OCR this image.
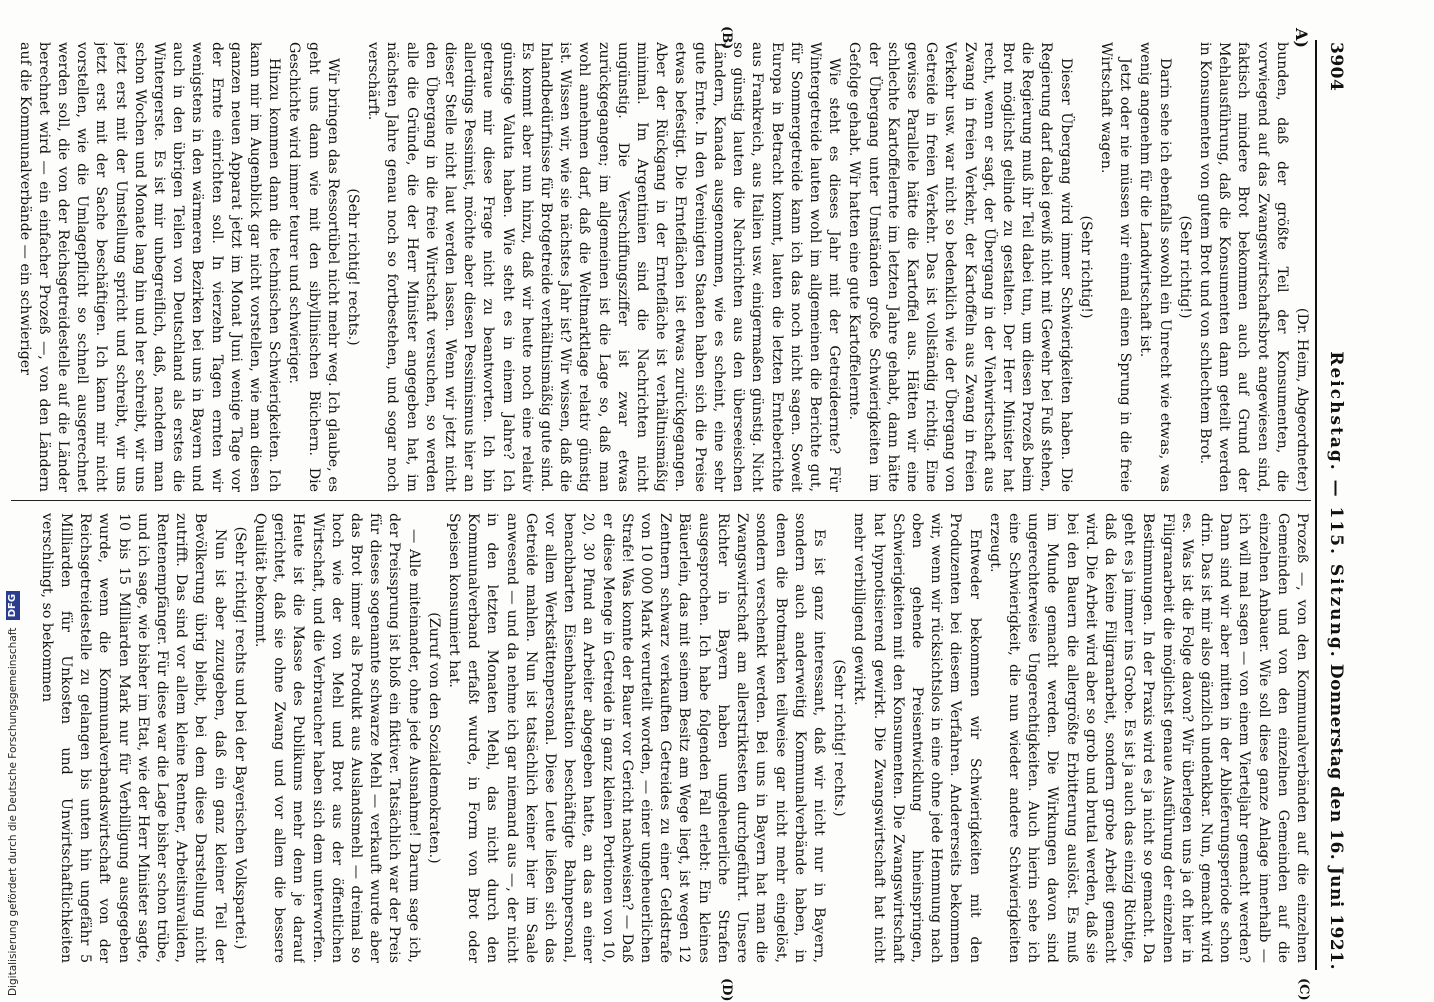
3904
Reichstag. — 115. Sitzung.
Donnerstag den 16. Juni 1921.
A)
(B)
(C)
(D)

(Dr. Heim, Abgeordneter)

bunden, daß der größte Teil der Konsumenten, die vorwiegend auf das Zwangswirtschaftsbrot angewiesen sind, faktisch mindere Brot bekommen auch auf Grund der Mehlausführung, daß die Konsumenten dann geteilt werden in Konsumenten von gutem Brot und von schlechtem Brot.

(Sehr richtig!)

Darin sehe ich ebenfalls sowohl ein Unrecht wie etwas, was wenig angenehm für die Landwirtschaft ist.

Jetzt oder nie müssen wir einmal einen Sprung in die freie Wirtschaft wagen.

(Sehr richtig!)

Dieser Übergang wird immer Schwierigkeiten haben. Die Regierung darf dabei gewiß nicht mit Gewehr bei Fuß stehen, die Regierung muß ihr Teil dabei tun, um diesen Prozeß beim Brot möglichst gelinde zu gestalten. Der Herr Minister hat recht, wenn er sagt, der Übergang in der Viehwirtschaft aus Zwang in freien Verkehr, der Kartoffeln aus Zwang in freien Verkehr usw. war nicht so bedenklich wie der Übergang von Getreide in freien Verkehr. Das ist vollständig richtig. Eine gewisse Parallele hätte die Kartoffel aus. Hätten wir eine schlechte Kartoffelernte im letzten Jahre gehabt, dann hätte der Übergang unter Umständen große Schwierigkeiten im Gefolge gehabt. Wir hatten eine gute Kartoffelernte.

Wie steht es dieses Jahr mit der Getreideernte? Für Wintergetreide lauten wohl im allgemeinen die Berichte gut, für Sommergetreide kann ich das noch nicht sagen. Soweit Europa in Betracht kommt, lauten die letzten Ernteberichte aus Frankreich, aus Italien usw. einigermaßen günstig. Nicht so günstig lauten die Nachrichten aus den überseeischen Ländern, Kanada ausgenommen, wie es scheint, eine sehr gute Ernte. In den Vereinigten Staaten haben sich die Preise etwas befestigt. Die Ernteflächen ist etwas zurückgegangen. Aber der Rückgang in der Erntefläche ist verhältnismäßig minimal. Im Argentinien sind die Nachrichten nicht ungünstig. Die Verschiffungsziffer ist zwar etwas zurückgegangen; im allgemeinen ist die Lage so, daß man wohl annehmen darf, daß die Weltmarktlage relativ günstig ist. Wissen wir, wie sie nächstes Jahr ist? Wir wissen, daß die Inlandbedürfnisse für Brotgetreide verhältnismäßig gute sind. Es kommt aber nun hinzu, daß wir heute noch eine relativ günstige Valuta haben. Wie steht es in einem Jahre? Ich getraue mir diese Frage nicht zu beantworten. Ich bin allerdings Pessimist, möchte aber diesen Pessimismus hier an dieser Stelle nicht laut werden lassen. Wenn wir jetzt nicht den Übergang in die freie Wirtschaft versuchen, so werden alle die Gründe, die der Herr Minister angegeben hat, im nächsten Jahre genau noch so fortbestehen, und sogar noch verschärft.

(Sehr richtig! rechts.)

Wir bringen das Ressortübel nicht mehr weg. Ich glaube, es geht uns dann wie mit den sibyllinischen Büchern. Die Geschichte wird immer teurer und schwieriger.

Hinzu kommen dann die technischen Schwierigkeiten. Ich kann mir im Augenblick gar nicht vorstellen, wie man diesen ganzen neuen Apparat jetzt im Monat Juni wenige Tage vor der Ernte einrichten soll. In vierzehn Tagen ernten wir wenigstens in den wärmeren Bezirken bei uns in Bayern und auch in den übrigen Teilen von Deutschland als erstes die Wintergerste. Es ist mir unbegreiflich, daß, nachdem man schon Wochen und Monate lang hin und her schreibt, wir uns jetzt erst mit der Umstellung spricht und schreibt, wir uns jetzt erst mit der Sache beschäftigen. Ich kann mir nicht vorstellen, wie die Umlagepflicht so schnell ausgerechnet werden soll, die von der Reichsgetreidestelle auf die Länder berechnet wird — ein einfacher Prozeß —, von den Ländern auf die Kommunalverbände — ein schwieriger

Prozeß —, von den Kommunalverbänden auf die einzelnen Gemeinden und von den einzelnen Gemeinden auf die einzelnen Anbauer. Wie soll diese ganze Anlage innerhalb — ich will mal sagen — von einem Vierteljahr gemacht werden? Dann sind wir aber mitten in der Ablieferungsperiode schon drin. Das ist mir also gänzlich undenkbar. Nun, gemacht wird es. Was ist die Folge davon? Wir überlegen uns ja oft hier in Filigranarbeit die möglichst genaue Ausführung der einzelnen Bestimmungen. In der Praxis wird es ja nicht so gemacht. Da geht es ja immer ins Grobe. Es ist ja auch das einzig Richtige, daß da keine Filigranarbeit, sondern grobe Arbeit gemacht wird. Die Arbeit wird aber so grob und brutal werden, daß sie bei den Bauern die allergrößte Erbitterung auslöst. Es muß im Munde gemacht werden. Die Wirkungen davon sind ungerechterweise Ungerechtigkeiten. Auch hierin sehe ich eine Schwierigkeit, die nun wieder andere Schwierigkeiten erzeugt.

Entweder bekommen wir Schwierigkeiten mit den Produzenten bei diesem Verfahren. Andererseits bekommen wir, wenn wir rücksichtslos in eine ohne jede Hemmung nach oben gehende Preisentwicklung hineinspringen, Schwierigkeiten mit den Konsumenten. Die Zwangswirtschaft hat hypnotisierend gewirkt. Die Zwangswirtschaft hat nicht mehr verbilligend gewirkt.

(Sehr richtig! rechts.)

Es ist ganz interessant, daß wir nicht nur in Bayern, sondern auch anderweitig Kommunalverbände haben, in denen die Brotmarken teilweise gar nicht mehr eingelöst, sondern verschenkt werden. Bei uns in Bayern hat man die Zwangswirtschaft am allerstriktesten durchgeführt. Unsere Richter in Bayern haben ungeheuerliche Strafen ausgesprochen. Ich habe folgenden Fall erlebt: Ein kleines Bäuerlein, das mit seinem Besitz am Wege liegt, ist wegen 12 Zentnern schwarz verkauften Getreides zu einer Geldstrafe von 10 000 Mark verurteilt worden, — einer ungeheuerlichen Strafe! Was konnte der Bauer vor Gericht nachweisen? — Daß er diese Menge in Getreide in ganz kleinen Portionen von 10, 20, 30 Pfund an Arbeiter abgegeben hatte, an das an einer benachbarten Eisenbahnstation beschäftigte Bahnpersonal, vor allem Werkstättenpersonal. Diese Leute ließen sich das Getreide mahlen. Nun ist tatsächlich keiner hier im Saale anwesend — und da nehme ich gar niemand aus —, der nicht in den letzten Monaten Mehl, das nicht durch den Kommunalverband erfaßt wurde, in Form von Brot oder Speisen konsumiert hat.

(Zuruf von den Sozialdemokraten.)

— Alle miteinander, ohne jede Ausnahme! Darum sage ich, der Preissprung ist bloß ein fiktiver. Tatsächlich war der Preis für dieses sogenannte schwarze Mehl — verkauft wurde aber das Brot immer als Produkt aus Auslandsmehl — dreimal so hoch wie der von Mehl und Brot aus der öffentlichen Wirtschaft, und die Verbraucher haben sich dem unterworfen. Heute ist die Masse des Publikums mehr denn je darauf gerichtet, daß sie ohne Zwang und vor allem die bessere Qualität bekommt.

(Sehr richtig! rechts und bei der Bayerischen Volkspartei.)

Nun ist aber zuzugeben, daß ein ganz kleiner Teil der Bevölkerung übrig bleibt, bei dem diese Darstellung nicht zutrifft. Das sind vor allem kleine Rentner, Arbeitsinvaliden, Rentenempfänger. Für diese war die Lage bisher schon trübe, und ich sage, wie bisher im Etat, wie der Herr Minister sagte, 10 bis 15 Milliarden Mark nur für Verbilligung ausgegeben wurde, wenn die Kommunalverbandswirtschaft von der Reichsgetreidestelle zu gelangen bis unten hin ungefähr 5 Milliarden für Unkosten und Unwirtschaftlichkeiten verschlingt, so bekommen

Digitalisierung gefördert durch die Deutsche Forschungsgemeinschaft DFG
